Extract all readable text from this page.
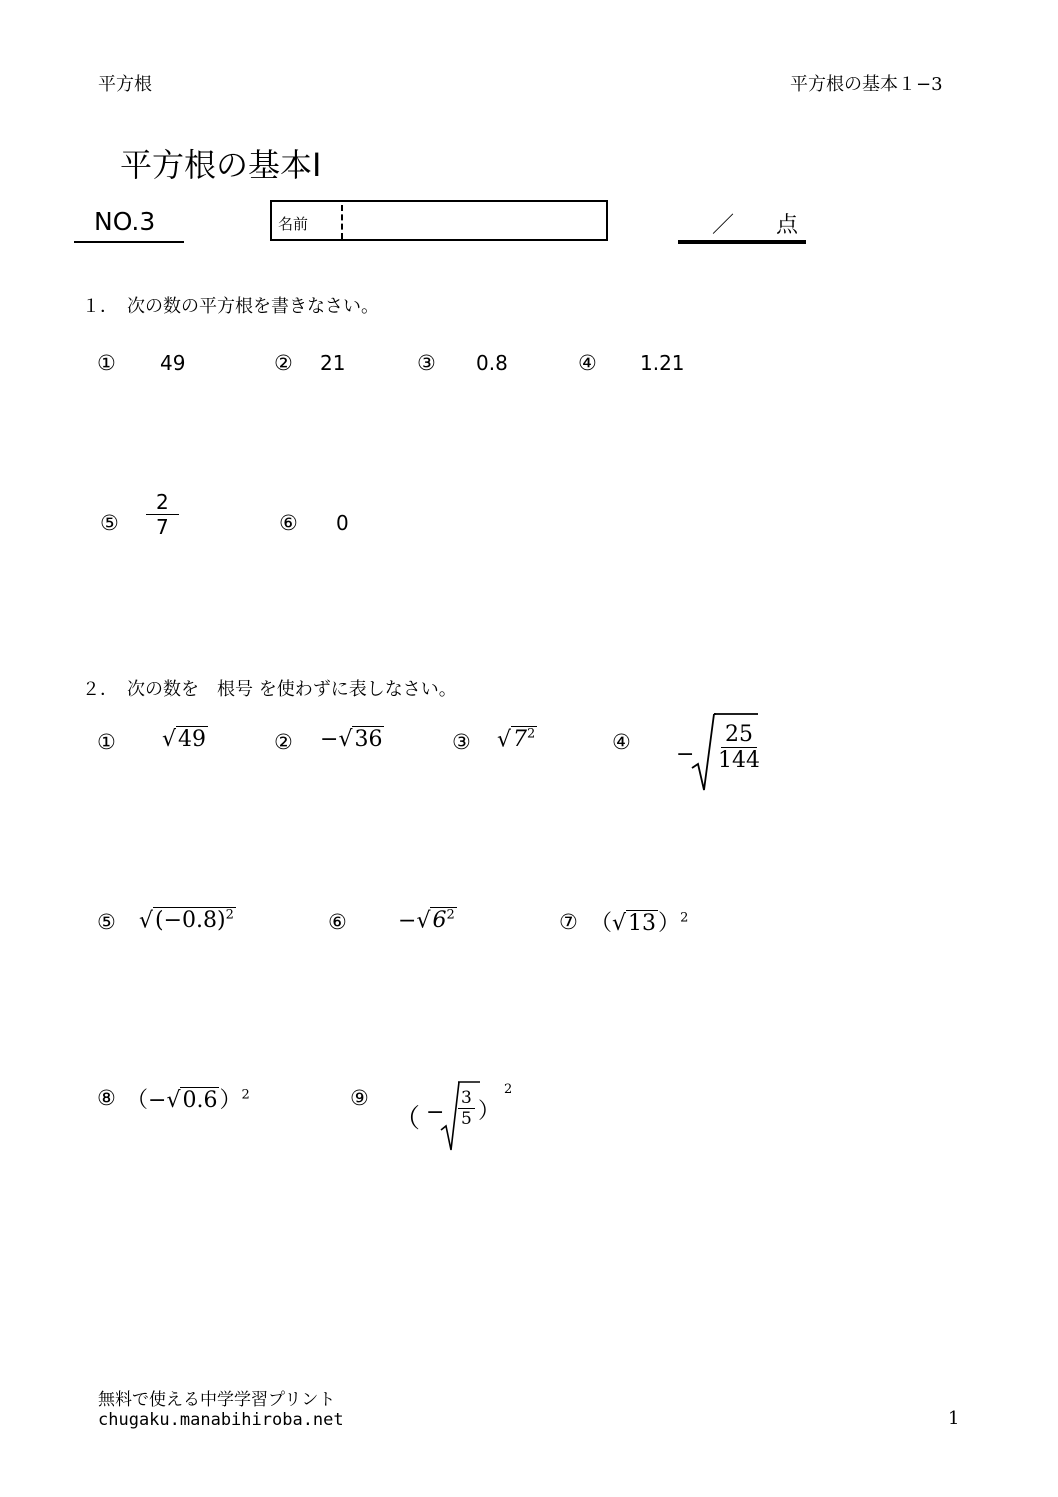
平方根	平方根の基本１−3
平方根の基本Ⅰ
NO.3	名前	／ 点
１．　次の数の平方根を書きなさい。
① 49	② 21	③ 0.8	④ 1.21
⑤ $\frac{2}{7}$	⑥ 0
２．　次の数を　根号 を使わずに表しなさい。
① √49	② −√36	③ $√7^2$	④ − $\frac{25}{144}$
⑤ $√(-0.8)^2$	⑥ $-√6^2$	⑦ $(√13)^2$
⑧ $(-√0.6)^2$	⑨
（ − $\frac{3}{5}$ ）
2
無料で使える中学学習プリント
chugaku.manabihiroba.net	1
